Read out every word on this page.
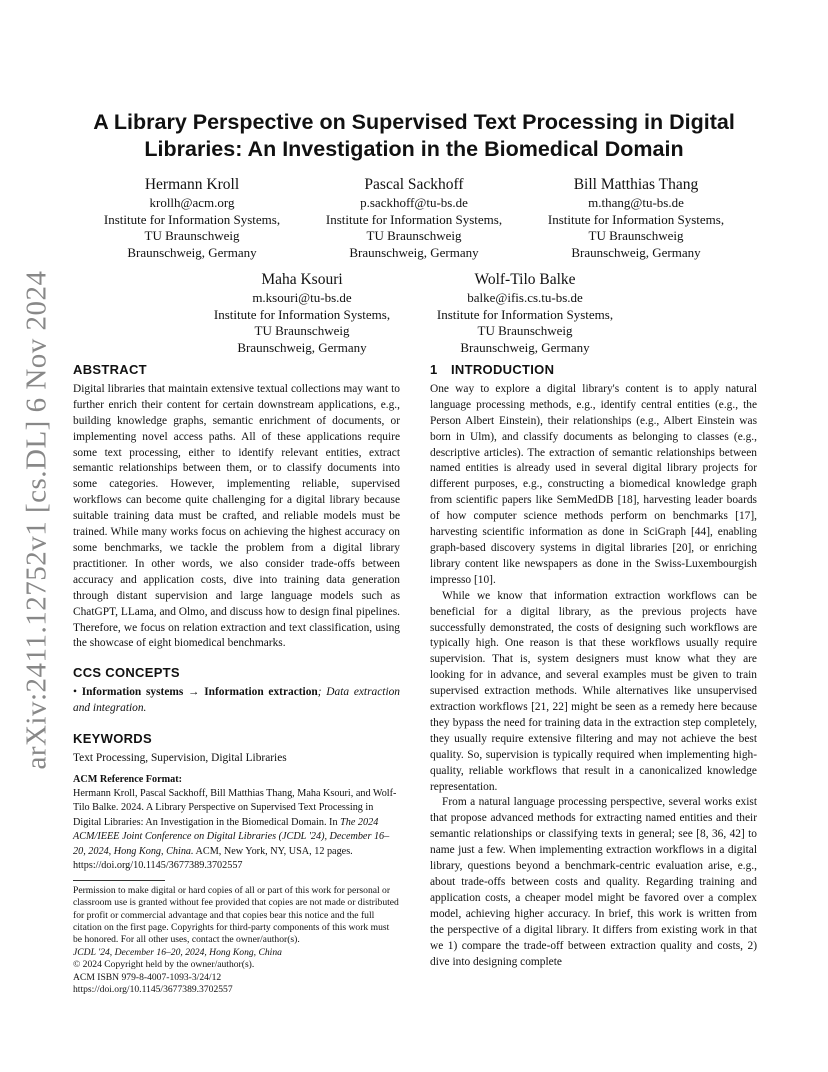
arXiv:2411.12752v1 [cs.DL] 6 Nov 2024
A Library Perspective on Supervised Text Processing in Digital
Libraries: An Investigation in the Biomedical Domain
Hermann Kroll
krollh@acm.org
Institute for Information Systems,
TU Braunschweig
Braunschweig, Germany
Pascal Sackhoff
p.sackhoff@tu-bs.de
Institute for Information Systems,
TU Braunschweig
Braunschweig, Germany
Bill Matthias Thang
m.thang@tu-bs.de
Institute for Information Systems,
TU Braunschweig
Braunschweig, Germany
Maha Ksouri
m.ksouri@tu-bs.de
Institute for Information Systems,
TU Braunschweig
Braunschweig, Germany
Wolf-Tilo Balke
balke@ifis.cs.tu-bs.de
Institute for Information Systems,
TU Braunschweig
Braunschweig, Germany
ABSTRACT

Digital libraries that maintain extensive textual collections may want to further enrich their content for certain downstream applications, e.g., building knowledge graphs, semantic enrichment of documents, or implementing novel access paths. All of these applications require some text processing, either to identify relevant entities, extract semantic relationships between them, or to classify documents into some categories. However, implementing reliable, supervised workflows can become quite challenging for a digital library because suitable training data must be crafted, and reliable models must be trained. While many works focus on achieving the highest accuracy on some benchmarks, we tackle the problem from a digital library practitioner. In other words, we also consider trade-offs between accuracy and application costs, dive into training data generation through distant supervision and large language models such as ChatGPT, LLama, and Olmo, and discuss how to design final pipelines. Therefore, we focus on relation extraction and text classification, using the showcase of eight biomedical benchmarks.

CCS CONCEPTS

• Information systems → Information extraction; Data extraction and integration.

KEYWORDS

Text Processing, Supervision, Digital Libraries

ACM Reference Format:

Hermann Kroll, Pascal Sackhoff, Bill Matthias Thang, Maha Ksouri, and Wolf-Tilo Balke. 2024. A Library Perspective on Supervised Text Processing in Digital Libraries: An Investigation in the Biomedical Domain. In The 2024 ACM/IEEE Joint Conference on Digital Libraries (JCDL '24), December 16–20, 2024, Hong Kong, China. ACM, New York, NY, USA, 12 pages. https://doi.org/10.1145/3677389.3702557

Permission to make digital or hard copies of all or part of this work for personal or classroom use is granted without fee provided that copies are not made or distributed for profit or commercial advantage and that copies bear this notice and the full citation on the first page. Copyrights for third-party components of this work must be honored. For all other uses, contact the owner/author(s).

JCDL '24, December 16–20, 2024, Hong Kong, China

© 2024 Copyright held by the owner/author(s).

ACM ISBN 979-8-4007-1093-3/24/12

https://doi.org/10.1145/3677389.3702557

1 INTRODUCTION

One way to explore a digital library's content is to apply natural language processing methods, e.g., identify central entities (e.g., the Person Albert Einstein), their relationships (e.g., Albert Einstein was born in Ulm), and classify documents as belonging to classes (e.g., descriptive articles). The extraction of semantic relationships between named entities is already used in several digital library projects for different purposes, e.g., constructing a biomedical knowledge graph from scientific papers like SemMedDB [18], harvesting leader boards of how computer science methods perform on benchmarks [17], harvesting scientific information as done in SciGraph [44], enabling graph-based discovery systems in digital libraries [20], or enriching library content like newspapers as done in the Swiss-Luxembourgish impresso [10].

While we know that information extraction workflows can be beneficial for a digital library, as the previous projects have successfully demonstrated, the costs of designing such workflows are typically high. One reason is that these workflows usually require supervision. That is, system designers must know what they are looking for in advance, and several examples must be given to train supervised extraction methods. While alternatives like unsupervised extraction workflows [21, 22] might be seen as a remedy here because they bypass the need for training data in the extraction step completely, they usually require extensive filtering and may not achieve the best quality. So, supervision is typically required when implementing high-quality, reliable workflows that result in a canonicalized knowledge representation.

From a natural language processing perspective, several works exist that propose advanced methods for extracting named entities and their semantic relationships or classifying texts in general; see [8, 36, 42] to name just a few. When implementing extraction workflows in a digital library, questions beyond a benchmark-centric evaluation arise, e.g., about trade-offs between costs and quality. Regarding training and application costs, a cheaper model might be favored over a complex model, achieving higher accuracy. In brief, this work is written from the perspective of a digital library. It differs from existing work in that we 1) compare the trade-off between extraction quality and costs, 2) dive into designing complete
